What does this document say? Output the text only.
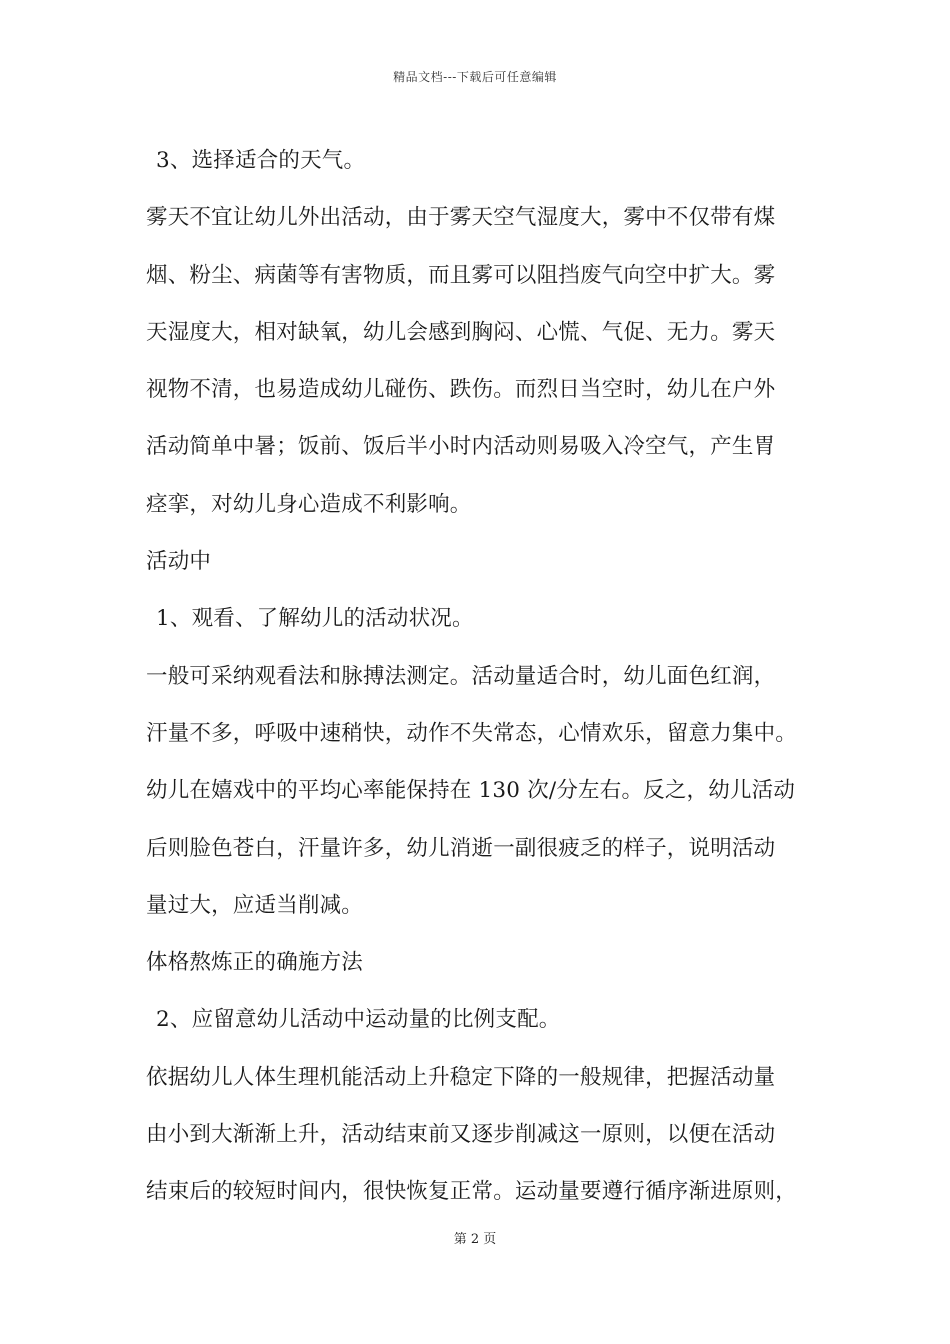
精品文档---下载后可任意编辑
3、选择适合的天气。
雾天不宜让幼儿外出活动，由于雾天空气湿度大，雾中不仅带有煤
烟、粉尘、病菌等有害物质，而且雾可以阻挡废气向空中扩大。雾
天湿度大，相对缺氧，幼儿会感到胸闷、心慌、气促、无力。雾天
视物不清，也易造成幼儿碰伤、跌伤。而烈日当空时，幼儿在户外
活动简单中暑；饭前、饭后半小时内活动则易吸入冷空气，产生胃
痉挛，对幼儿身心造成不利影响。
活动中
1、观看、了解幼儿的活动状况。
一般可采纳观看法和脉搏法测定。活动量适合时，幼儿面色红润，
汗量不多，呼吸中速稍快，动作不失常态，心情欢乐，留意力集中。
幼儿在嬉戏中的平均心率能保持在 130 次/分左右。反之，幼儿活动
后则脸色苍白，汗量许多，幼儿消逝一副很疲乏的样子，说明活动
量过大，应适当削减。
体格熬炼正的确施方法
2、应留意幼儿活动中运动量的比例支配。
依据幼儿人体生理机能活动上升稳定下降的一般规律，把握活动量
由小到大渐渐上升，活动结束前又逐步削减这一原则，以便在活动
结束后的较短时间内，很快恢复正常。运动量要遵行循序渐进原则，
第 2 页
